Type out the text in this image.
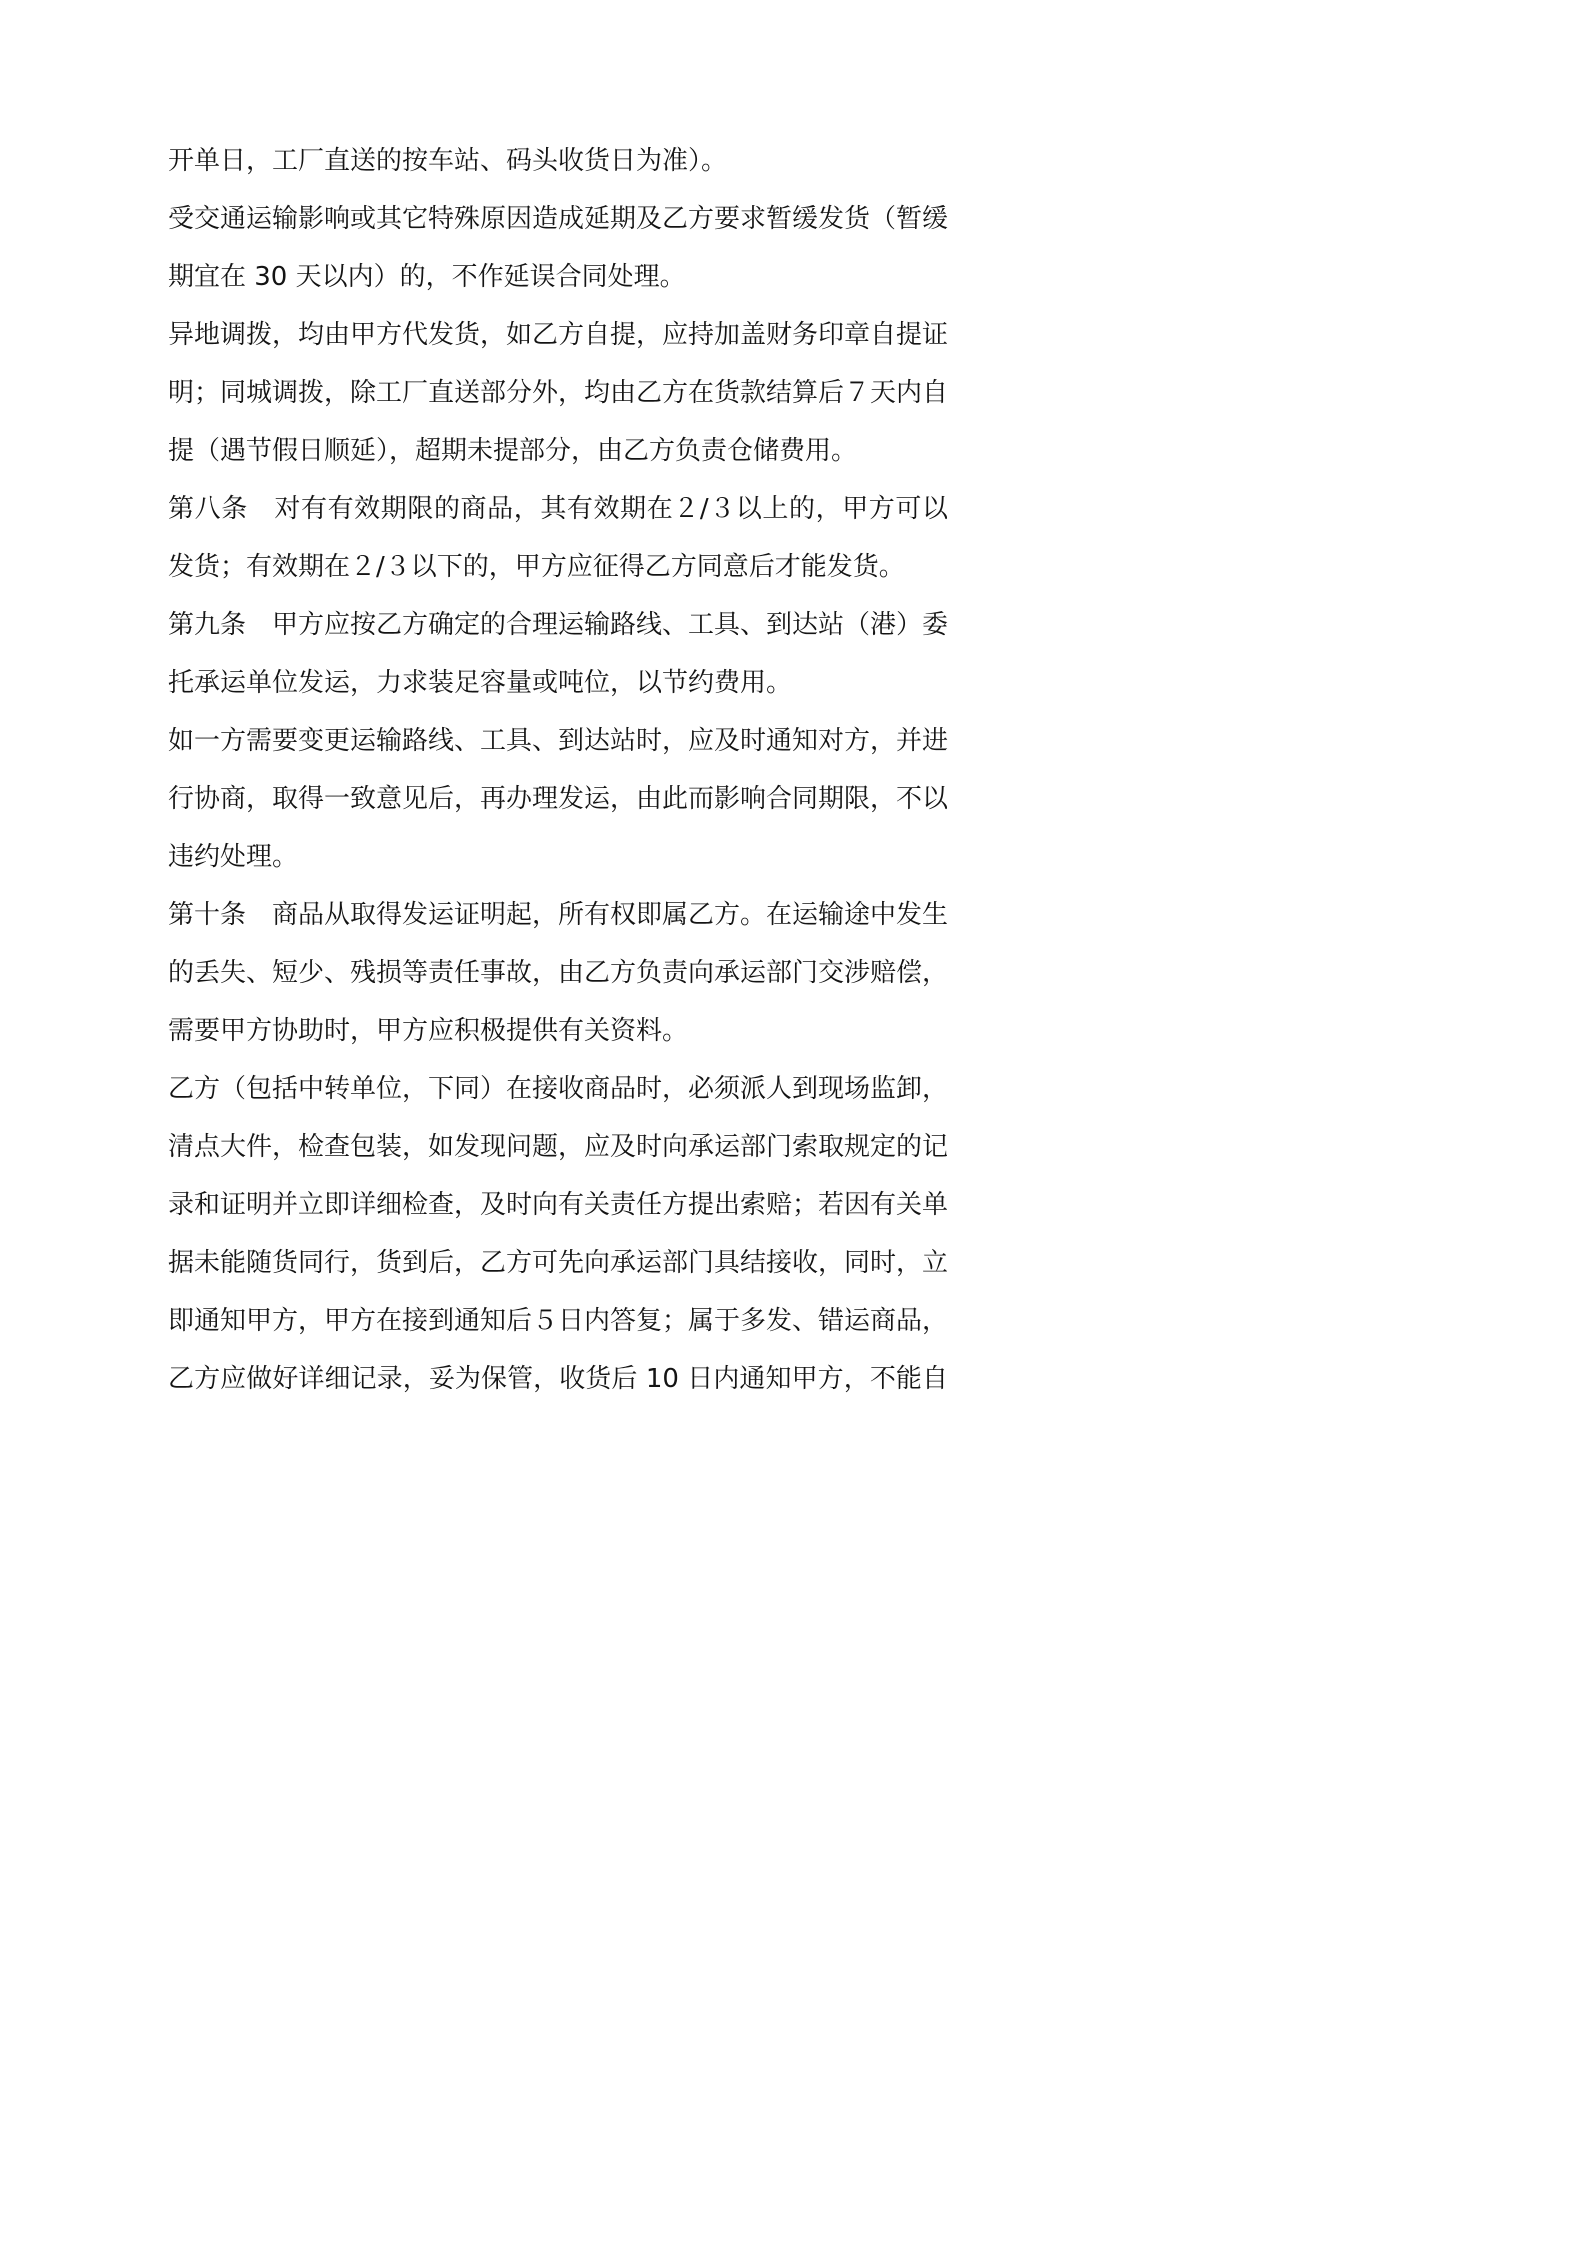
开单日，工厂直送的按车站、码头收货日为准）。
受交通运输影响或其它特殊原因造成延期及乙方要求暂缓发货（暂缓
期宜在 30 天以内）的，不作延误合同处理。
异地调拨，均由甲方代发货，如乙方自提，应持加盖财务印章自提证
明；同城调拨，除工厂直送部分外，均由乙方在货款结算后７天内自
提（遇节假日顺延），超期未提部分，由乙方负责仓储费用。
第八条　对有有效期限的商品，其有效期在２/３以上的，甲方可以
发货；有效期在２/３以下的，甲方应征得乙方同意后才能发货。
第九条　甲方应按乙方确定的合理运输路线、工具、到达站（港）委
托承运单位发运，力求装足容量或吨位，以节约费用。
如一方需要变更运输路线、工具、到达站时，应及时通知对方，并进
行协商，取得一致意见后，再办理发运，由此而影响合同期限，不以
违约处理。
第十条　商品从取得发运证明起，所有权即属乙方。在运输途中发生
的丢失、短少、残损等责任事故，由乙方负责向承运部门交涉赔偿，
需要甲方协助时，甲方应积极提供有关资料。
乙方（包括中转单位，下同）在接收商品时，必须派人到现场监卸，
清点大件，检查包装，如发现问题，应及时向承运部门索取规定的记
录和证明并立即详细检查，及时向有关责任方提出索赔；若因有关单
据未能随货同行，货到后，乙方可先向承运部门具结接收，同时，立
即通知甲方，甲方在接到通知后５日内答复；属于多发、错运商品，
乙方应做好详细记录，妥为保管，收货后 10 日内通知甲方，不能自
